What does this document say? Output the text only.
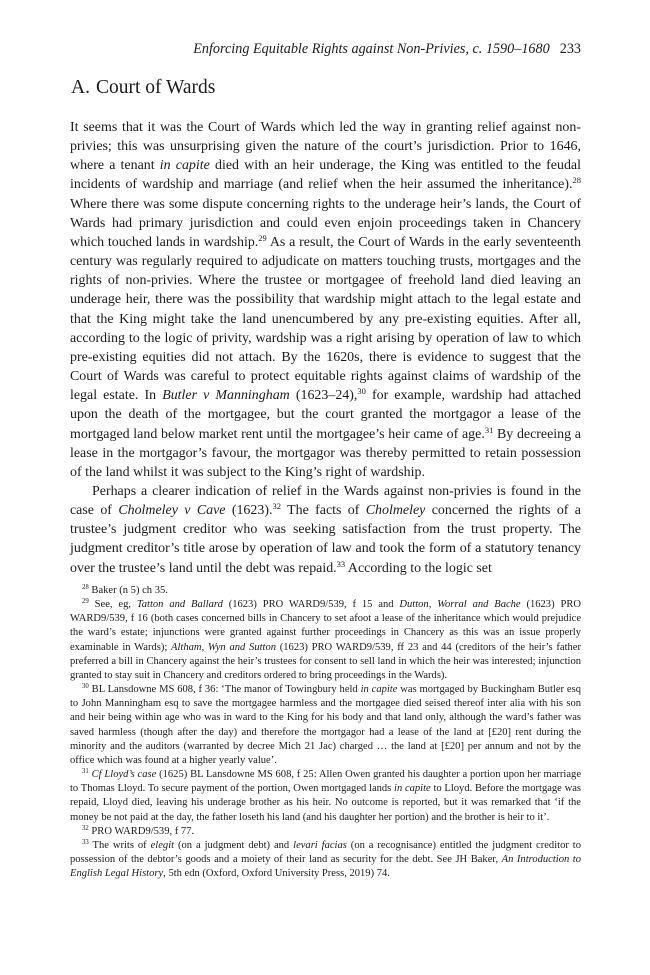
Enforcing Equitable Rights against Non-Privies, c. 1590–1680 233
A. Court of Wards

It seems that it was the Court of Wards which led the way in granting relief against non-privies; this was unsurprising given the nature of the court’s jurisdiction. Prior to 1646, where a tenant in capite died with an heir underage, the King was entitled to the feudal incidents of wardship and marriage (and relief when the heir assumed the inheritance).$^{28}$ Where there was some dispute concerning rights to the underage heir’s lands, the Court of Wards had primary jurisdiction and could even enjoin proceedings taken in Chancery which touched lands in wardship.$^{29}$ As a result, the Court of Wards in the early seventeenth century was regularly required to adjudicate on matters touching trusts, mortgages and the rights of non-privies. Where the trustee or mortgagee of freehold land died leaving an underage heir, there was the possibility that wardship might attach to the legal estate and that the King might take the land unencumbered by any pre-existing equities. After all, according to the logic of privity, wardship was a right arising by operation of law to which pre-existing equities did not attach. By the 1620s, there is evidence to suggest that the Court of Wards was careful to protect equitable rights against claims of wardship of the legal estate. In Butler v Manningham (1623–24),$^{30}$ for example, wardship had attached upon the death of the mortgagee, but the court granted the mortgagor a lease of the mortgaged land below market rent until the mortgagee’s heir came of age.$^{31}$ By decreeing a lease in the mortgagor’s favour, the mortgagor was thereby permitted to retain possession of the land whilst it was subject to the King’s right of wardship.

Perhaps a clearer indication of relief in the Wards against non-privies is found in the case of Cholmeley v Cave (1623).$^{32}$ The facts of Cholmeley concerned the rights of a trustee’s judgment creditor who was seeking satisfaction from the trust property. The judgment creditor’s title arose by operation of law and took the form of a statutory tenancy over the trustee’s land until the debt was repaid.$^{33}$ According to the logic set

$^{28}$ Baker (n 5) ch 35.

$^{29}$ See, eg, Tatton and Ballard (1623) PRO WARD9/539, f 15 and Dutton, Worral and Bache (1623) PRO WARD9/539, f 16 (both cases concerned bills in Chancery to set afoot a lease of the inheritance which would prejudice the ward’s estate; injunctions were granted against further proceedings in Chancery as this was an issue properly examinable in Wards); Altham, Wyn and Sutton (1623) PRO WARD9/539, ff 23 and 44 (creditors of the heir’s father preferred a bill in Chancery against the heir’s trustees for consent to sell land in which the heir was interested; injunction granted to stay suit in Chancery and creditors ordered to bring proceedings in the Wards).

$^{30}$ BL Lansdowne MS 608, f 36: ‘The manor of Towingbury held in capite was mortgaged by Buckingham Butler esq to John Manningham esq to save the mortgagee harmless and the mortgagee died seised thereof inter alia with his son and heir being within age who was in ward to the King for his body and that land only, although the ward’s father was saved harmless (though after the day) and therefore the mortgagor had a lease of the land at [£20] rent during the minority and the auditors (warranted by decree Mich 21 Jac) charged … the land at [£20] per annum and not by the office which was found at a higher yearly value’.

$^{31}$ Cf Lloyd’s case (1625) BL Lansdowne MS 608, f 25: Allen Owen granted his daughter a portion upon her marriage to Thomas Lloyd. To secure payment of the portion, Owen mortgaged lands in capite to Lloyd. Before the mortgage was repaid, Lloyd died, leaving his underage brother as his heir. No outcome is reported, but it was remarked that ‘if the money be not paid at the day, the father loseth his land (and his daughter her portion) and the brother is heir to it’.

$^{32}$ PRO WARD9/539, f 77.

$^{33}$ The writs of elegit (on a judgment debt) and levari facias (on a recognisance) entitled the judgment creditor to possession of the debtor’s goods and a moiety of their land as security for the debt. See JH Baker, An Introduction to English Legal History, 5th edn (Oxford, Oxford University Press, 2019) 74.
